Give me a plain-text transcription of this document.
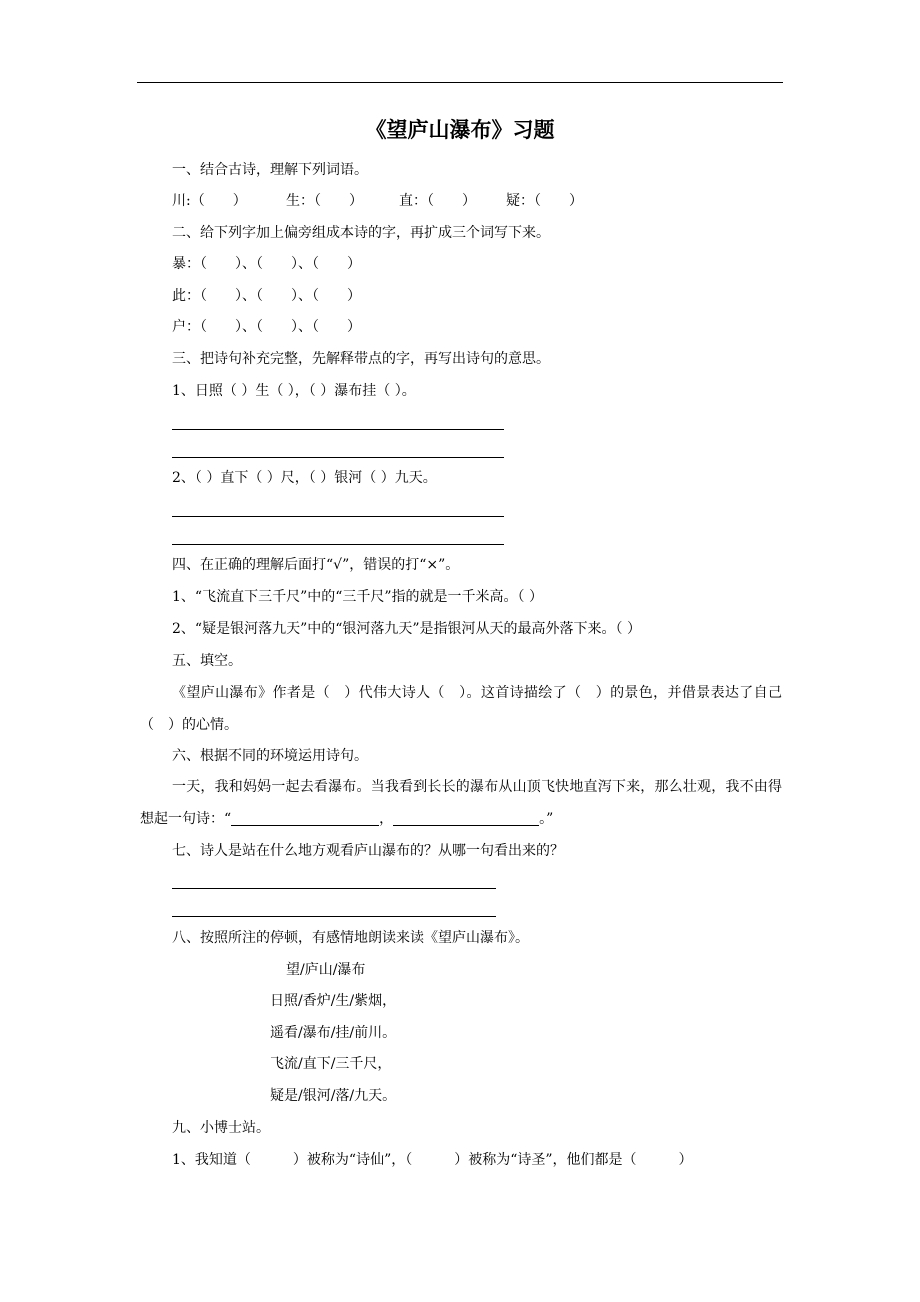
《望庐山瀑布》习题
一、结合古诗，理解下列词语。
川:（　　）	生：（　　）	直：（　　） 疑：（　　）
二、给下列字加上偏旁组成本诗的字，再扩成三个词写下来。
暴：（　　）、（　　）、（　　）
此：（　　）、（　　）、（　　）
户：（　　）、（　　）、（　　）
三、把诗句补充完整，先解释带点的字，再写出诗句的意思。
1、日照（ ）生（ ），（ ）瀑布挂（ ）。
2、（ ）直下（ ）尺，（ ）银河（ ）九天。
四、在正确的理解后面打“√”，错误的打“×”。
1、“飞流直下三千尺”中的“三千尺”指的就是一千米高。（ ）
2、“疑是银河落九天”中的“银河落九天”是指银河从天的最高外落下来。（ ）
五、填空。
《望庐山瀑布》作者是（　）代伟大诗人（　）。这首诗描绘了（　）的景色，并借景表达了自己（　）的心情。
六、根据不同的环境运用诗句。
一天，我和妈妈一起去看瀑布。当我看到长长的瀑布从山顶飞快地直泻下来，那么壮观，我不由得想起一句诗：“	，	。”
七、诗人是站在什么地方观看庐山瀑布的？从哪一句看出来的？
八、按照所注的停顿，有感情地朗读来读《望庐山瀑布》。
望/庐山/瀑布
日照/香炉/生/紫烟，
遥看/瀑布/挂/前川。
飞流/直下/三千尺，
疑是/银河/落/九天。
九、小博士站。
1、我知道（　　　）被称为“诗仙”，（　　　）被称为“诗圣”，他们都是（　　　）
